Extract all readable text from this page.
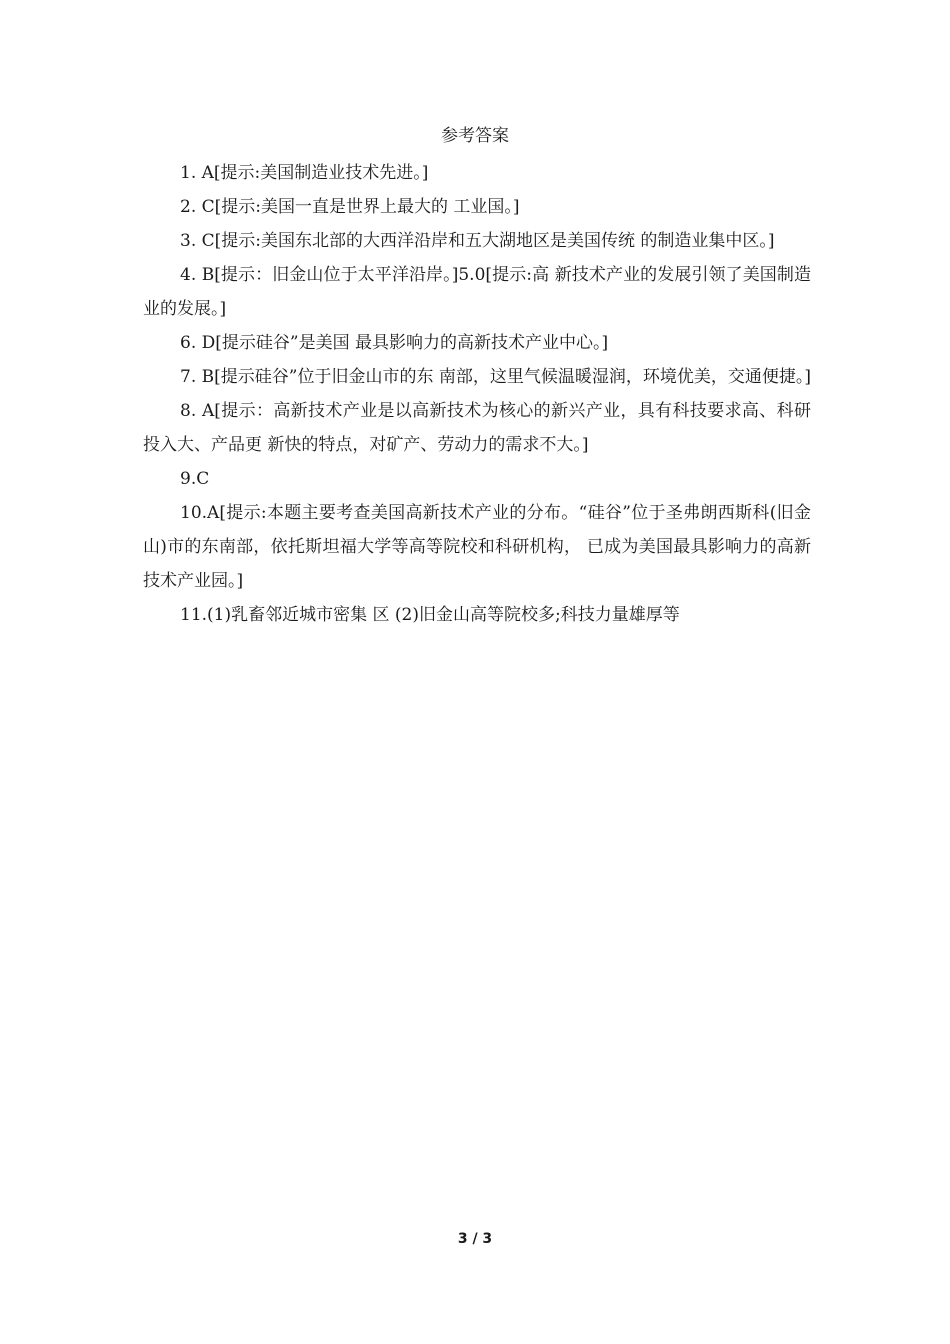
参考答案

1. A[提示:美国制造业技术先进。]

2. C[提示:美国一直是世界上最大的 工业国。]

3. C[提示:美国东北部的大西洋沿岸和五大湖地区是美国传统 的制造业集中区。]

4. B[提示：旧金山位于太平洋沿岸。]5.0[提示:高 新技术产业的发展引领了美国制造业的发展。]

6. D[提示硅谷”是美国 最具影响力的高新技术产业中心。]

7. B[提示硅谷”位于旧金山市的东 南部，这里气候温暖湿润，环境优美，交通便捷。]

8. A[提示：高新技术产业是以高新技术为核心的新兴产业，具有科技要求高、科研投入大、产品更 新快的特点，对矿产、劳动力的需求不大。]

9.C

10.A[提示:本题主要考查美国高新技术产业的分布。“硅谷”位于圣弗朗西斯科(旧金山)市的东南部，依托斯坦福大学等高等院校和科研机构， 已成为美国最具影响力的高新技术产业园。]

11.(1)乳畜邻近城市密集 区 (2)旧金山高等院校多;科技力量雄厚等

3 / 3
